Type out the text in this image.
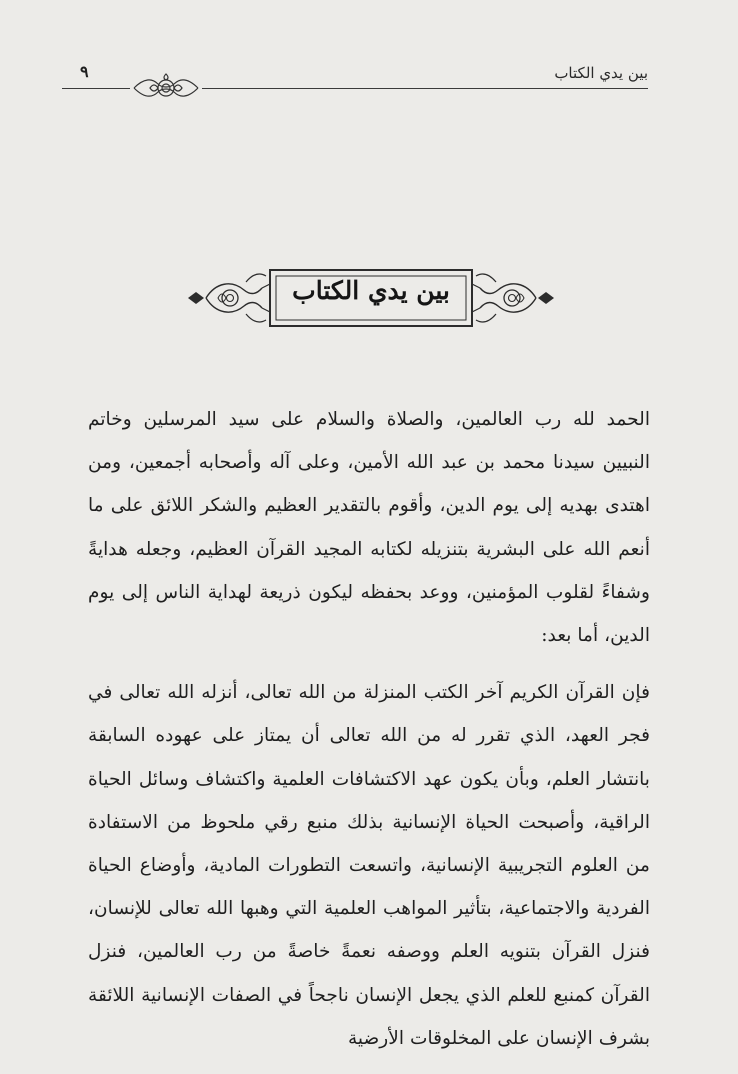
بين يدي الكتاب
٩
بين يدي الكتاب

الحمد لله رب العالمين، والصلاة والسلام على سيد المرسلين وخاتم النبيين سيدنا محمد بن عبد الله الأمين، وعلى آله وأصحابه أجمعين، ومن اهتدى بهديه إلى يوم الدين، وأقوم بالتقدير العظيم والشكر اللائق على ما أنعم الله على البشرية بتنزيله لكتابه المجيد القرآن العظيم، وجعله هدايةً وشفاءً لقلوب المؤمنين، ووعد بحفظه ليكون ذريعة لهداية الناس إلى يوم الدين، أما بعد:

فإن القرآن الكريم آخر الكتب المنزلة من الله تعالى، أنزله الله تعالى في فجر العهد، الذي تقرر له من الله تعالى أن يمتاز على عهوده السابقة بانتشار العلم، وبأن يكون عهد الاكتشافات العلمية واكتشاف وسائل الحياة الراقية، وأصبحت الحياة الإنسانية بذلك منبع رقي ملحوظ من الاستفادة من العلوم التجريبية الإنسانية، واتسعت التطورات المادية، وأوضاع الحياة الفردية والاجتماعية، بتأثير المواهب العلمية التي وهبها الله تعالى للإنسان، فنزل القرآن بتنويه العلم ووصفه نعمةً خاصةً من رب العالمين، فنزل القرآن كمنبع للعلم الذي يجعل الإنسان ناجحاً في الصفات الإنسانية اللائقة بشرف الإنسان على المخلوقات الأرضية
